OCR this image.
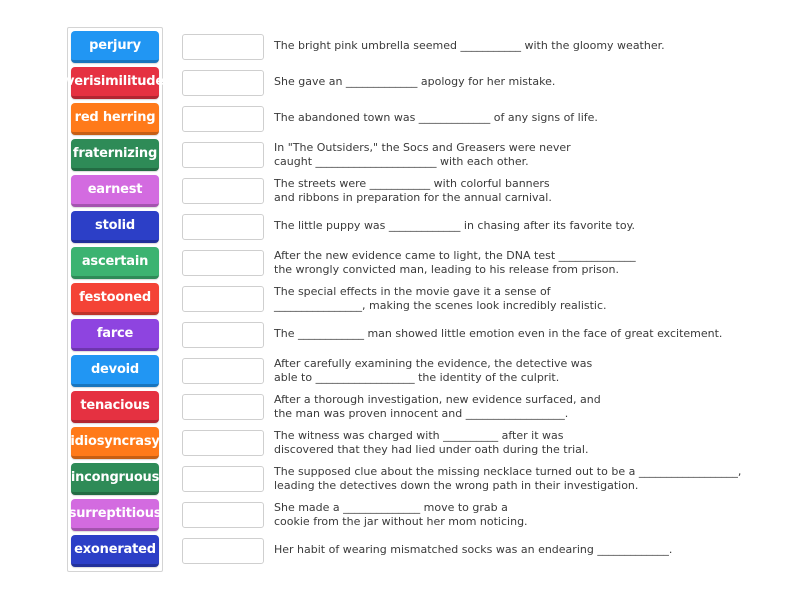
perjury
verisimilitude
red herring
fraternizing
earnest
stolid
ascertain
festooned
farce
devoid
tenacious
idiosyncrasy
incongruous
surreptitious
exonerated
The bright pink umbrella seemed ___________ with the gloomy weather.
She gave an _____________ apology for her mistake.
The abandoned town was _____________ of any signs of life.
In "The Outsiders," the Socs and Greasers were never
caught ______________________ with each other.
The streets were ___________ with colorful banners
and ribbons in preparation for the annual carnival.
The little puppy was _____________ in chasing after its favorite toy.
After the new evidence came to light, the DNA test ______________
the wrongly convicted man, leading to his release from prison.
The special effects in the movie gave it a sense of
________________, making the scenes look incredibly realistic.
The ____________ man showed little emotion even in the face of great excitement.
After carefully examining the evidence, the detective was
able to __________________ the identity of the culprit.
After a thorough investigation, new evidence surfaced, and
the man was proven innocent and __________________.
The witness was charged with __________ after it was
discovered that they had lied under oath during the trial.
The supposed clue about the missing necklace turned out to be a __________________,
leading the detectives down the wrong path in their investigation.
She made a ______________ move to grab a
cookie from the jar without her mom noticing.
Her habit of wearing mismatched socks was an endearing _____________.
